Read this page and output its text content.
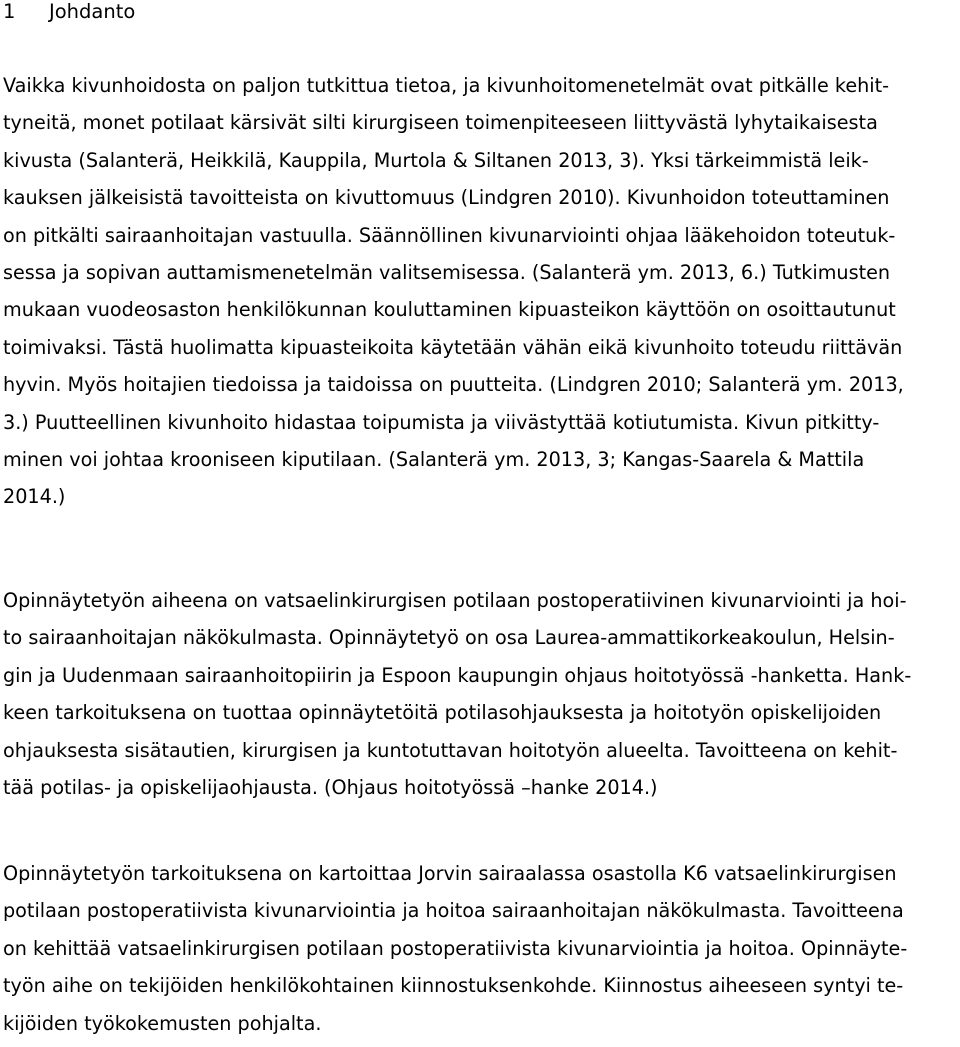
1 Johdanto
Vaikka kivunhoidosta on paljon tutkittua tietoa, ja kivunhoitomenetelmät ovat pitkälle kehit-
tyneitä, monet potilaat kärsivät silti kirurgiseen toimenpiteeseen liittyvästä lyhytaikaisesta
kivusta (Salanterä, Heikkilä, Kauppila, Murtola & Siltanen 2013, 3). Yksi tärkeimmistä leik-
kauksen jälkeisistä tavoitteista on kivuttomuus (Lindgren 2010). Kivunhoidon toteuttaminen
on pitkälti sairaanhoitajan vastuulla. Säännöllinen kivunarviointi ohjaa lääkehoidon toteutuk-
sessa ja sopivan auttamismenetelmän valitsemisessa. (Salanterä ym. 2013, 6.) Tutkimusten
mukaan vuodeosaston henkilökunnan kouluttaminen kipuasteikon käyttöön on osoittautunut
toimivaksi. Tästä huolimatta kipuasteikoita käytetään vähän eikä kivunhoito toteudu riittävän
hyvin. Myös hoitajien tiedoissa ja taidoissa on puutteita. (Lindgren 2010; Salanterä ym. 2013,
3.) Puutteellinen kivunhoito hidastaa toipumista ja viivästyttää kotiutumista. Kivun pitkitty-
minen voi johtaa krooniseen kiputilaan. (Salanterä ym. 2013, 3; Kangas-Saarela & Mattila
2014.)
Opinnäytetyön aiheena on vatsaelinkirurgisen potilaan postoperatiivinen kivunarviointi ja hoi-
to sairaanhoitajan näkökulmasta. Opinnäytetyö on osa Laurea-ammattikorkeakoulun, Helsin-
gin ja Uudenmaan sairaanhoitopiirin ja Espoon kaupungin ohjaus hoitotyössä -hanketta. Hank-
keen tarkoituksena on tuottaa opinnäytetöitä potilasohjauksesta ja hoitotyön opiskelijoiden
ohjauksesta sisätautien, kirurgisen ja kuntotuttavan hoitotyön alueelta. Tavoitteena on kehit-
tää potilas- ja opiskelijaohjausta. (Ohjaus hoitotyössä –hanke 2014.)
Opinnäytetyön tarkoituksena on kartoittaa Jorvin sairaalassa osastolla K6 vatsaelinkirurgisen
potilaan postoperatiivista kivunarviointia ja hoitoa sairaanhoitajan näkökulmasta. Tavoitteena
on kehittää vatsaelinkirurgisen potilaan postoperatiivista kivunarviointia ja hoitoa. Opinnäyte-
työn aihe on tekijöiden henkilökohtainen kiinnostuksenkohde. Kiinnostus aiheeseen syntyi te-
kijöiden työkokemusten pohjalta.
